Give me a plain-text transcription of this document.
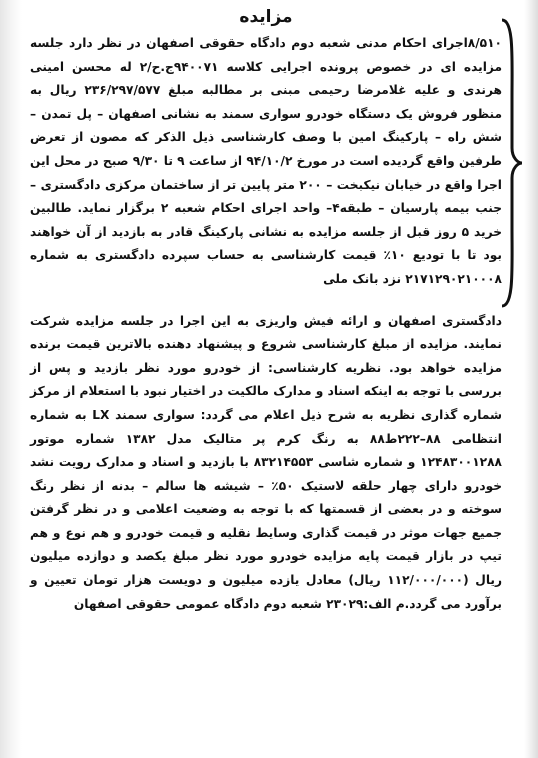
مزایده

۸/۵۱۰اجرای احکام مدنی شعبه دوم دادگاه حقوقی اصفهان در نظر دارد جلسه مزایده ای در خصوص پرونده اجرایی کلاسه ۹۴۰۰۷۱ج.ح/۲ له محسن امینی هرندی و علیه غلامرضا رحیمی مبنی بر مطالبه مبلغ ۲۳۶/۲۹۷/۵۷۷ ریال به منظور فروش یک دستگاه خودرو سواری سمند به نشانی اصفهان – پل تمدن – شش راه – پارکینگ امین با وصف کارشناسی ذیل الذکر که مصون از تعرض طرفین واقع گردیده است در مورخ ۹۴/۱۰/۲ از ساعت ۹ تا ۹/۳۰ صبح در محل این اجرا واقع در خیابان نیکبخت – ۲۰۰ متر پایین تر از ساختمان مرکزی دادگستری – جنب بیمه پارسیان – طبقه۴– واحد اجرای احکام شعبه ۲ برگزار نماید. طالبین خرید ۵ روز قبل از جلسه مزایده به نشانی پارکینگ قادر به بازدید از آن خواهند بود تا با تودیع ۱۰٪ قیمت کارشناسی به حساب سپرده دادگستری به شماره ۲۱۷۱۲۹۰۲۱۰۰۰۸ نزد بانک ملی

دادگستری اصفهان و ارائه فیش واریزی به این اجرا در جلسه مزایده شرکت نمایند. مزایده از مبلغ کارشناسی شروع و پیشنهاد دهنده بالاترین قیمت برنده مزایده خواهد بود. نظریه کارشناسی: از خودرو مورد نظر بازدید و پس از بررسی با توجه به اینکه اسناد و مدارک مالکیت در اختیار نبود با استعلام از مرکز شماره گذاری نظریه به شرح ذیل اعلام می گردد: سواری سمند LX به شماره انتظامی ۸۸–۲۲۲ط۸۸ به رنگ کرم پر متالیک مدل ۱۳۸۲ شماره موتور ۱۲۴۸۳۰۰۱۲۸۸ و شماره شاسی ۸۳۲۱۴۵۵۳ با بازدید و اسناد و مدارک رویت نشد خودرو دارای چهار حلقه لاستیک ۵۰٪ – شیشه ها سالم – بدنه از نظر رنگ سوخته و در بعضی از قسمتها که با توجه به وضعیت اعلامی و در نظر گرفتن جمیع جهات موثر در قیمت گذاری وسایط نقلیه و قیمت خودرو و هم نوع و هم تیپ در بازار قیمت پایه مزایده خودرو مورد نظر مبلغ یکصد و دوازده میلیون ریال (۱۱۲/۰۰۰/۰۰۰ ریال) معادل یازده میلیون و دویست هزار تومان تعیین و برآورد می گردد.م الف:۲۳۰۲۹ شعبه دوم دادگاه عمومی حقوقی اصفهان
